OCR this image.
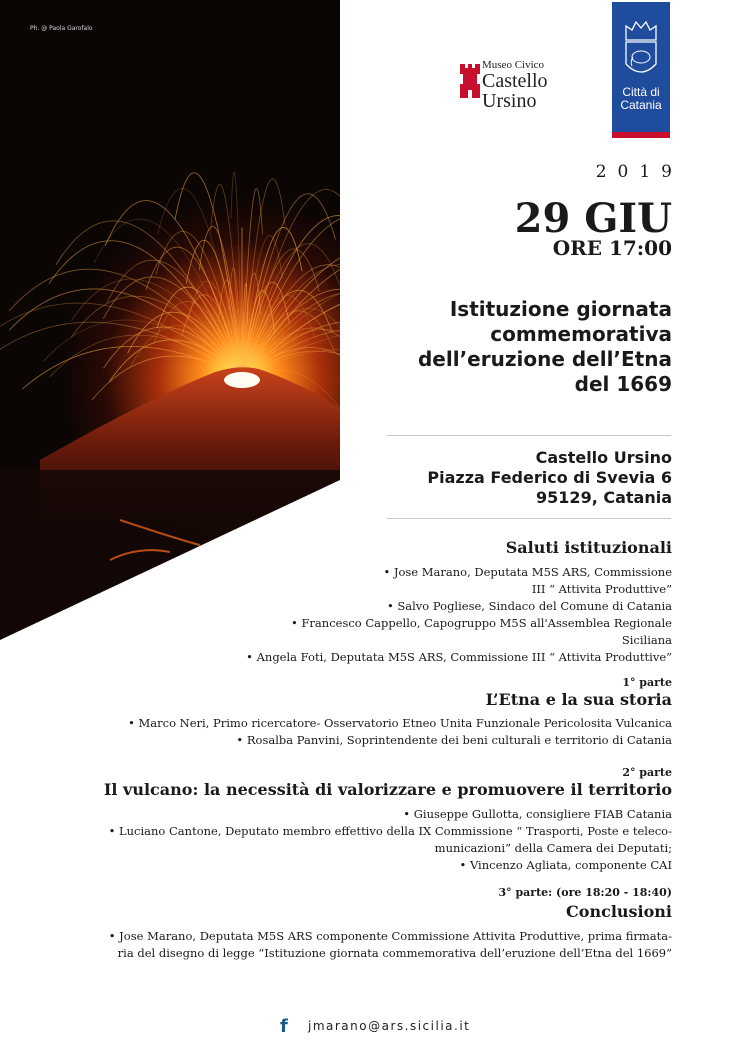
Ph. @ Paola Garofalo
Museo Civico
Castello
Ursino	Città di
Catania
2019
29 GIU
ORE 17:00
Istituzione giornata
commemorativa
dell’eruzione dell’Etna
del 1669
Castello Ursino
Piazza Federico di Svevia 6
95129, Catania
Saluti istituzionali
• Jose Marano, Deputata M5S ARS, Commissione
III “ Attivita Produttive”
• Salvo Pogliese, Sindaco del Comune di Catania
• Francesco Cappello, Capogruppo M5S all'Assemblea Regionale
Siciliana
• Angela Foti, Deputata M5S ARS, Commissione III “ Attivita Produttive”
1° parte
L’Etna e la sua storia
• Marco Neri, Primo ricercatore- Osservatorio Etneo Unita Funzionale Pericolosita Vulcanica
• Rosalba Panvini, Soprintendente dei beni culturali e territorio di Catania
2° parte
Il vulcano: la necessità di valorizzare e promuovere il territorio
• Giuseppe Gullotta, consigliere FIAB Catania
• Luciano Cantone, Deputato membro effettivo della IX Commissione “ Trasporti, Poste e teleco-
municazioni” della Camera dei Deputati;
• Vincenzo Agliata, componente CAI
3° parte: (ore 18:20 - 18:40)
Conclusioni
• Jose Marano, Deputata M5S ARS componente Commissione Attivita Produttive, prima firmata-
ria del disegno di legge “Istituzione giornata commemorativa dell’eruzione dell’Etna del 1669”
f	jmarano@ars.sicilia.it
